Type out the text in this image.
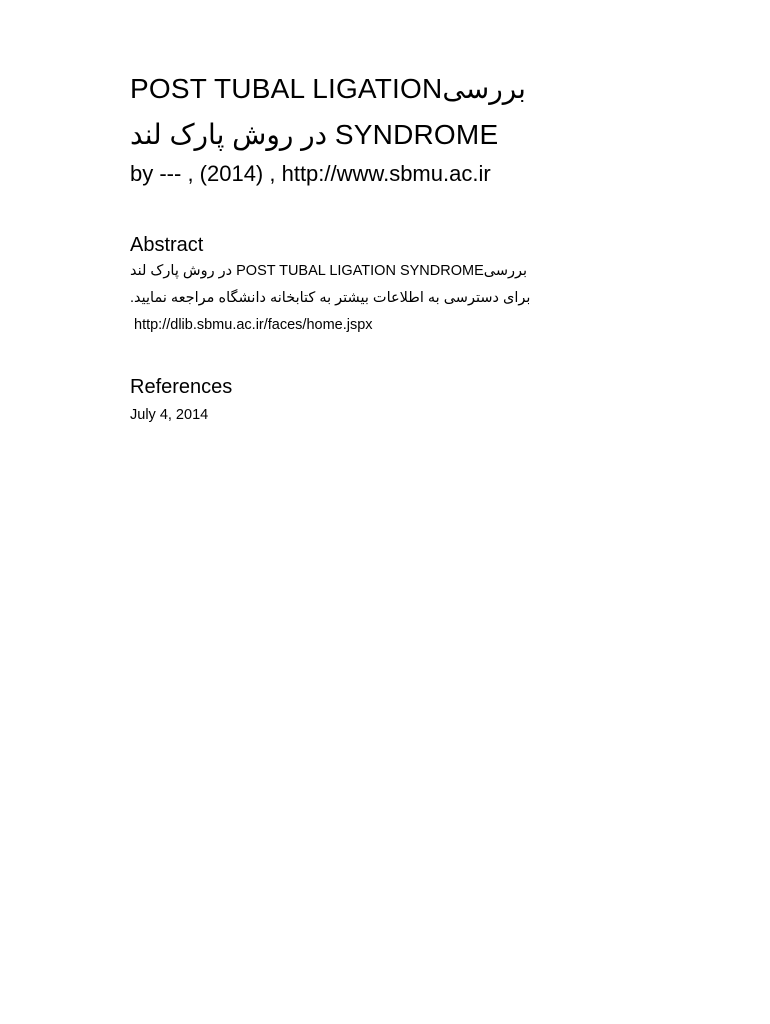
POST TUBAL LIGATIONبررسی
در روش پارک لند SYNDROME
by --- , (2014) , http://www.sbmu.ac.ir
Abstract
در روش پارک لند POST TUBAL LIGATION SYNDROMEبررسی
برای دسترسی به اطلاعات بیشتر به کتابخانه دانشگاه مراجعه نمایید.
http://dlib.sbmu.ac.ir/faces/home.jspx
References
July 4, 2014
